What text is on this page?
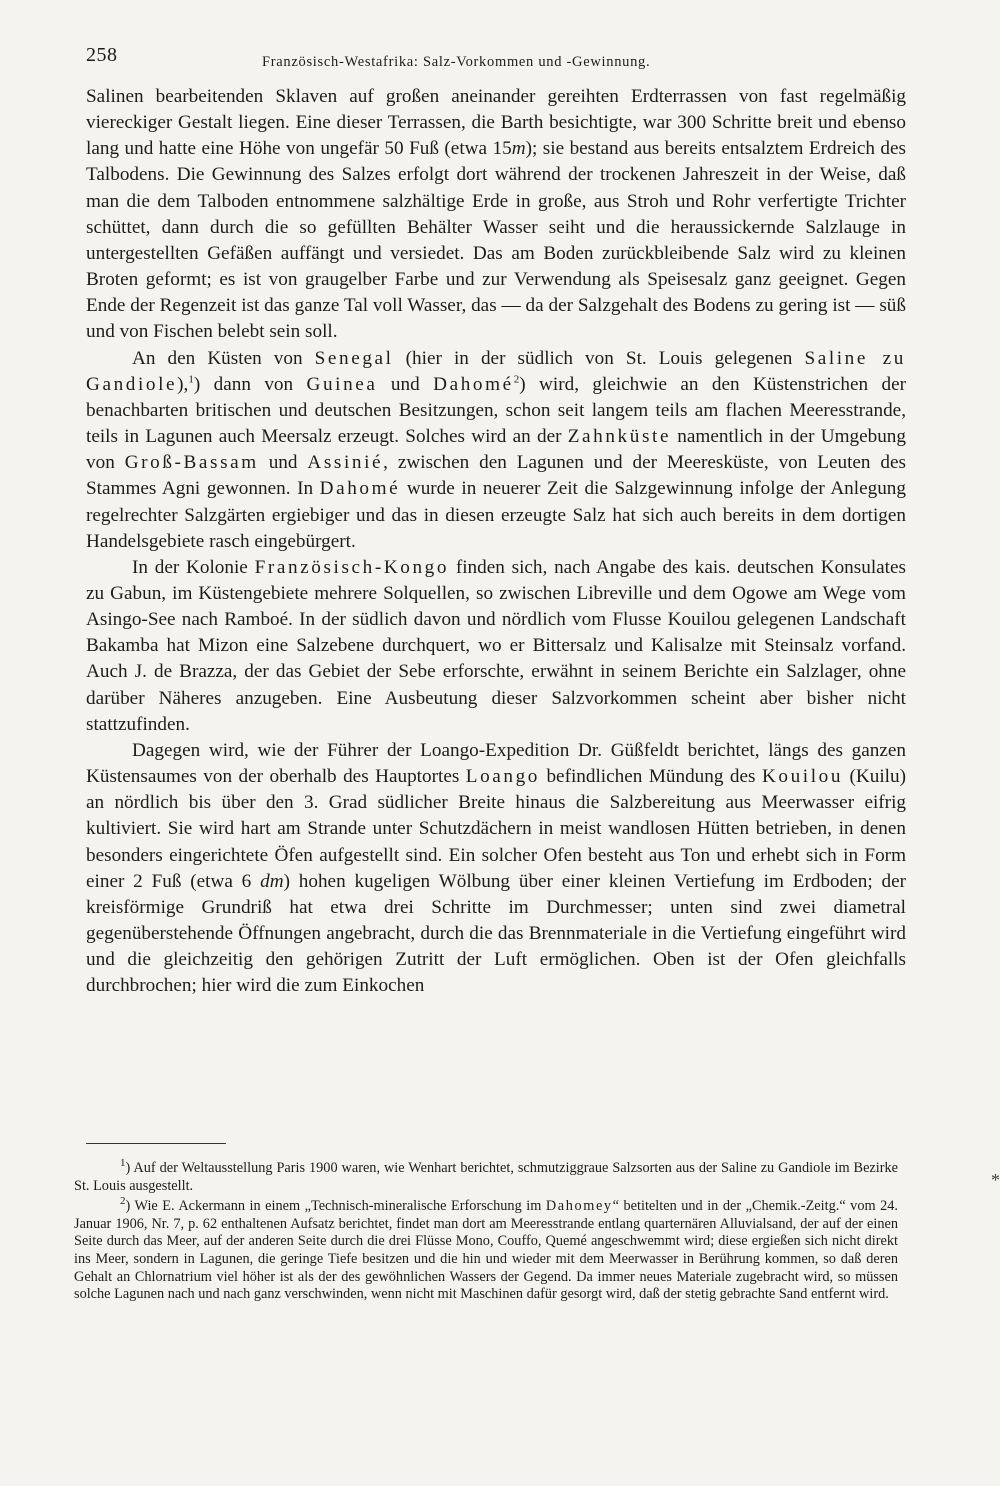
258	Französisch-Westafrika: Salz-Vorkommen und -Gewinnung.

Salinen bearbeitenden Sklaven auf großen aneinander gereihten Erdterrassen von fast regelmäßig viereckiger Gestalt liegen. Eine dieser Terrassen, die Barth besichtigte, war 300 Schritte breit und ebenso lang und hatte eine Höhe von ungefär 50 Fuß (etwa 15m); sie bestand aus bereits entsalztem Erdreich des Talbodens. Die Gewinnung des Salzes erfolgt dort während der trockenen Jahreszeit in der Weise, daß man die dem Talboden entnommene salzhältige Erde in große, aus Stroh und Rohr verfertigte Trichter schüttet, dann durch die so gefüllten Behälter Wasser seiht und die heraussickernde Salzlauge in untergestellten Gefäßen auffängt und versiedet. Das am Boden zurückbleibende Salz wird zu kleinen Broten geformt; es ist von graugelber Farbe und zur Verwendung als Speisesalz ganz geeignet. Gegen Ende der Regenzeit ist das ganze Tal voll Wasser, das — da der Salzgehalt des Bodens zu gering ist — süß und von Fischen belebt sein soll.

An den Küsten von Senegal (hier in der südlich von St. Louis gelegenen Saline zu Gandiole),$^1$) dann von Guinea und Dahomé$^2$) wird, gleichwie an den Küstenstrichen der benachbarten britischen und deutschen Besitzungen, schon seit langem teils am flachen Meeresstrande, teils in Lagunen auch Meersalz erzeugt. Solches wird an der Zahnküste namentlich in der Umgebung von Groß-Bassam und Assinié, zwischen den Lagunen und der Meeresküste, von Leuten des Stammes Agni gewonnen. In Dahomé wurde in neuerer Zeit die Salzgewinnung infolge der Anlegung regelrechter Salzgärten ergiebiger und das in diesen erzeugte Salz hat sich auch bereits in dem dortigen Handelsgebiete rasch eingebürgert.

In der Kolonie Französisch-Kongo finden sich, nach Angabe des kais. deutschen Konsulates zu Gabun, im Küstengebiete mehrere Solquellen, so zwischen Libreville und dem Ogowe am Wege vom Asingo-See nach Ramboé. In der südlich davon und nördlich vom Flusse Kouilou gelegenen Landschaft Bakamba hat Mizon eine Salzebene durchquert, wo er Bittersalz und Kalisalze mit Steinsalz vorfand. Auch J. de Brazza, der das Gebiet der Sebe erforschte, erwähnt in seinem Berichte ein Salzlager, ohne darüber Näheres anzugeben. Eine Ausbeutung dieser Salzvorkommen scheint aber bisher nicht stattzufinden.

Dagegen wird, wie der Führer der Loango-Expedition Dr. Güßfeldt berichtet, längs des ganzen Küstensaumes von der oberhalb des Hauptortes Loango befindlichen Mündung des Kouilou (Kuilu) an nördlich bis über den 3. Grad südlicher Breite hinaus die Salzbereitung aus Meerwasser eifrig kultiviert. Sie wird hart am Strande unter Schutzdächern in meist wandlosen Hütten betrieben, in denen besonders eingerichtete Öfen aufgestellt sind. Ein solcher Ofen besteht aus Ton und erhebt sich in Form einer 2 Fuß (etwa 6 dm) hohen kugeligen Wölbung über einer kleinen Vertiefung im Erdboden; der kreisförmige Grundriß hat etwa drei Schritte im Durchmesser; unten sind zwei diametral gegenüberstehende Öffnungen angebracht, durch die das Brennmateriale in die Vertiefung eingeführt wird und die gleichzeitig den gehörigen Zutritt der Luft ermöglichen. Oben ist der Ofen gleichfalls durchbrochen; hier wird die zum Einkochen

$^1$) Auf der Weltausstellung Paris 1900 waren, wie Wenhart berichtet, schmutziggraue Salzsorten aus der Saline zu Gandiole im Bezirke St. Louis ausgestellt.

$^2$) Wie E. Ackermann in einem „Technisch-mineralische Erforschung im Dahomey“ betitelten und in der „Chemik.-Zeitg.“ vom 24. Januar 1906, Nr. 7, p. 62 enthaltenen Aufsatz berichtet, findet man dort am Meeresstrande entlang quarternären Alluvialsand, der auf der einen Seite durch das Meer, auf der anderen Seite durch die drei Flüsse Mono, Couffo, Quemé angeschwemmt wird; diese ergießen sich nicht direkt ins Meer, sondern in Lagunen, die geringe Tiefe besitzen und die hin und wieder mit dem Meerwasser in Berührung kommen, so daß deren Gehalt an Chlornatrium viel höher ist als der des gewöhnlichen Wassers der Gegend. Da immer neues Materiale zugebracht wird, so müssen solche Lagunen nach und nach ganz verschwinden, wenn nicht mit Maschinen dafür gesorgt wird, daß der stetig gebrachte Sand entfernt wird.

*
